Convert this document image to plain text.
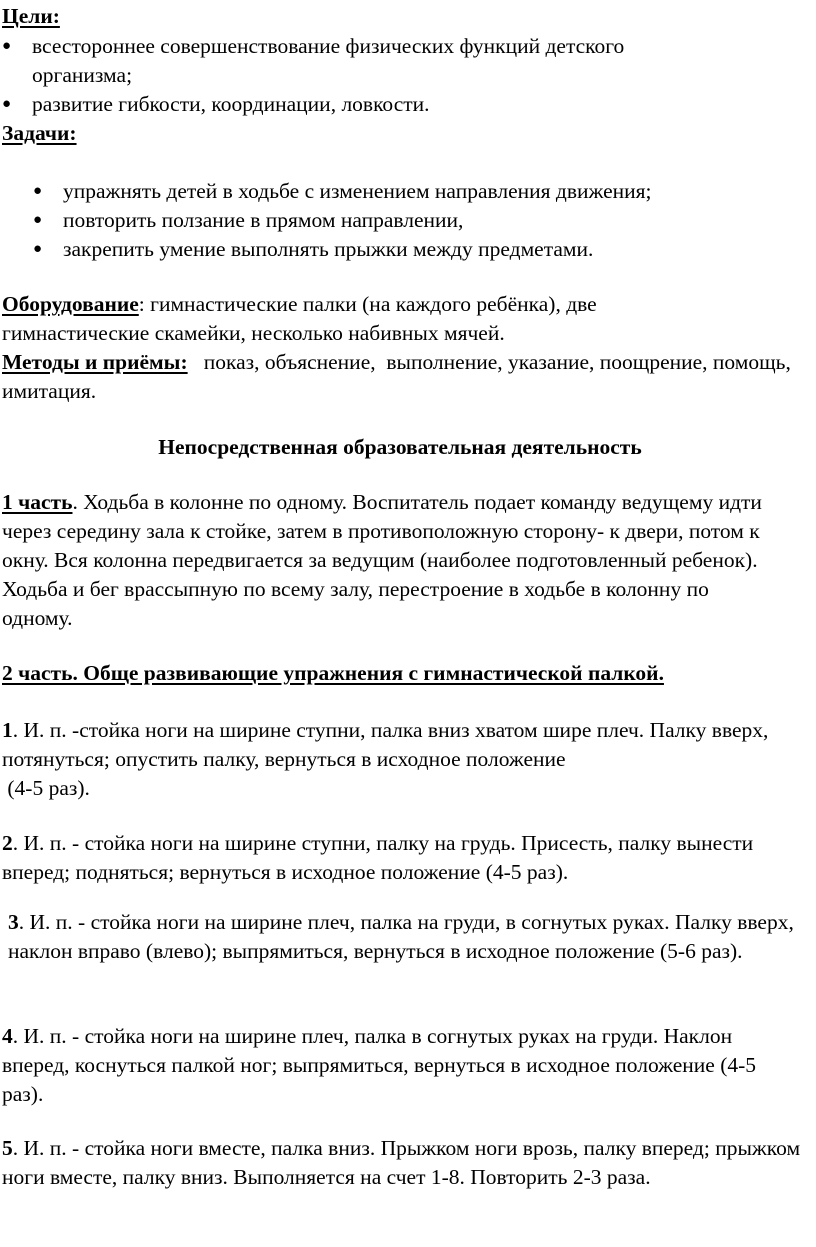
Цели:
● всестороннее совершенствование физических функций детского организма;

● развитие гибкости, координации, ловкости.

Задачи:
● упражнять детей в ходьбе с изменением направления движения;

● повторить ползание в прямом направлении,

● закрепить умение выполнять прыжки между предметами.

Оборудование: гимнастические палки (на каждого ребёнка), две гимнастические скамейки, несколько набивных мячей.

Методы и приёмы:   показ, объяснение,  выполнение, указание, поощрение, помощь, имитация.

Непосредственная образовательная деятельность

1 часть. Ходьба в колонне по одному. Воспитатель подает команду ведущему идти через середину зала к стойке, затем в противоположную сторону- к двери, потом к окну. Вся колонна передвигается за ведущим (наиболее подготовленный ребенок). Ходьба и бег врассыпную по всему залу, перестроение в ходьбе в колонну по одному.

2 часть. Обще развивающие упражнения с гимнастической палкой.

1. И. п. -стойка ноги на ширине ступни, палка вниз хватом шире плеч. Палку вверх, потянуться; опустить палку, вернуться в исходное положение

(4-5 раз).

2. И. п. - стойка ноги на ширине ступни, палку на грудь. Присесть, палку вынести вперед; подняться; вернуться в исходное положение (4-5 раз).

3. И. п. - стойка ноги на ширине плеч, палка на груди, в согнутых руках. Палку вверх, наклон вправо (влево); выпрямиться, вернуться в исходное положение (5-6 раз).

4. И. п. - стойка ноги на ширине плеч, палка в согнутых руках на груди. Наклон вперед, коснуться палкой ног; выпрямиться, вернуться в исходное положение (4-5 раз).

5. И. п. - стойка ноги вместе, палка вниз. Прыжком ноги врозь, палку вперед; прыжком ноги вместе, палку вниз. Выполняется на счет 1-8. Повторить 2-3 раза.
